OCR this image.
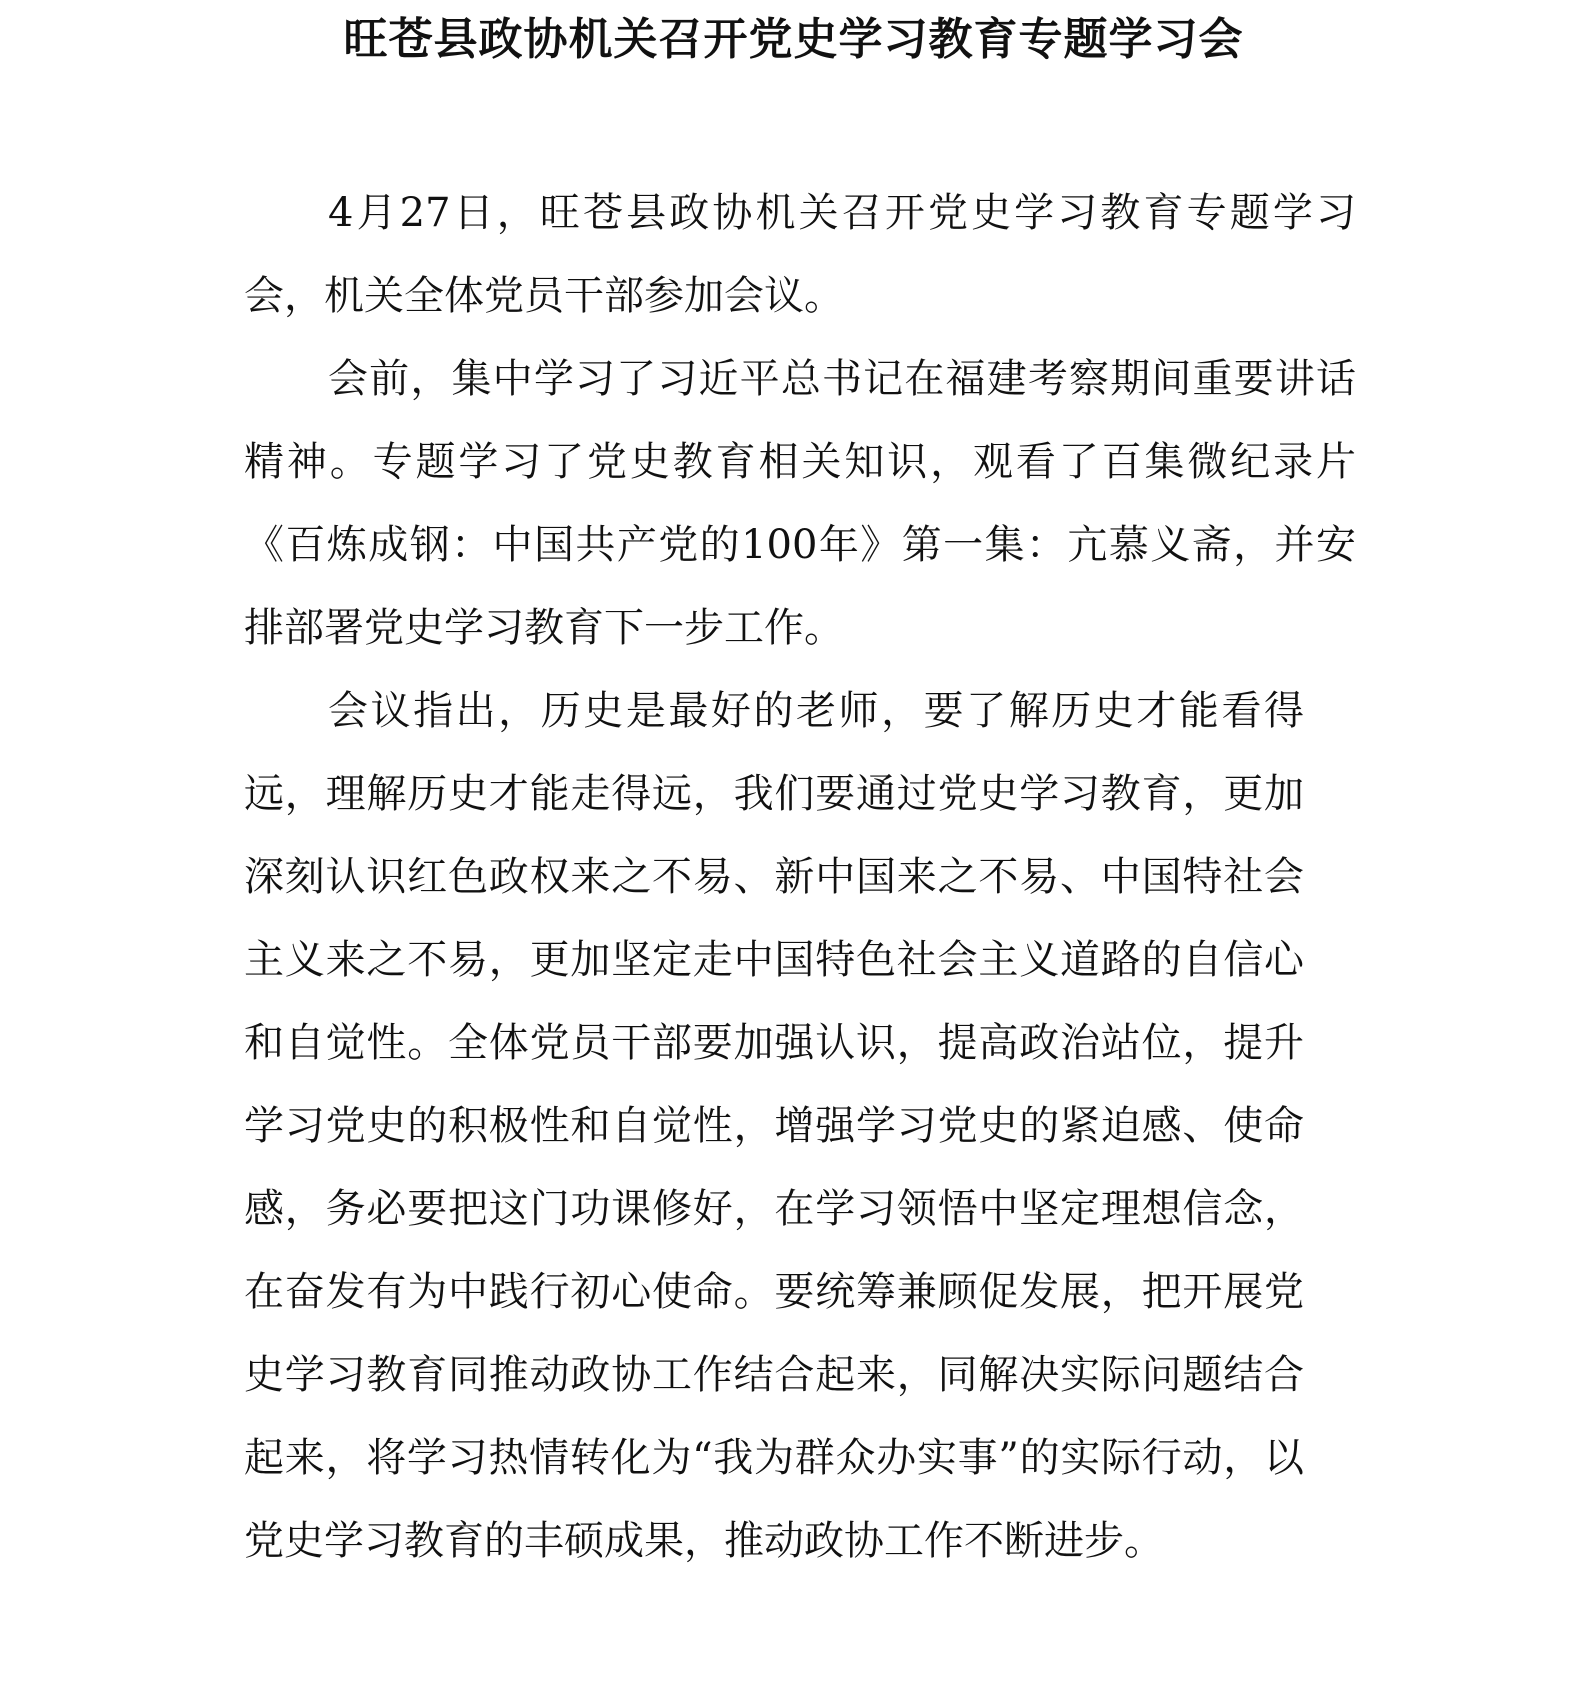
旺苍县政协机关召开党史学习教育专题学习会

4月27日，旺苍县政协机关召开党史学习教育专题学习会，机关全体党员干部参加会议。

会前，集中学习了习近平总书记在福建考察期间重要讲话精神。专题学习了党史教育相关知识，观看了百集微纪录片《百炼成钢：中国共产党的100年》第一集：亢慕义斋，并安排部署党史学习教育下一步工作。

会议指出，历史是最好的老师，要了解历史才能看得远，理解历史才能走得远，我们要通过党史学习教育，更加深刻认识红色政权来之不易、新中国来之不易、中国特社会主义来之不易，更加坚定走中国特色社会主义道路的自信心和自觉性。全体党员干部要加强认识，提高政治站位，提升学习党史的积极性和自觉性，增强学习党史的紧迫感、使命感，务必要把这门功课修好，在学习领悟中坚定理想信念，在奋发有为中践行初心使命。要统筹兼顾促发展，把开展党史学习教育同推动政协工作结合起来，同解决实际问题结合起来，将学习热情转化为“我为群众办实事”的实际行动，以党史学习教育的丰硕成果，推动政协工作不断进步。
